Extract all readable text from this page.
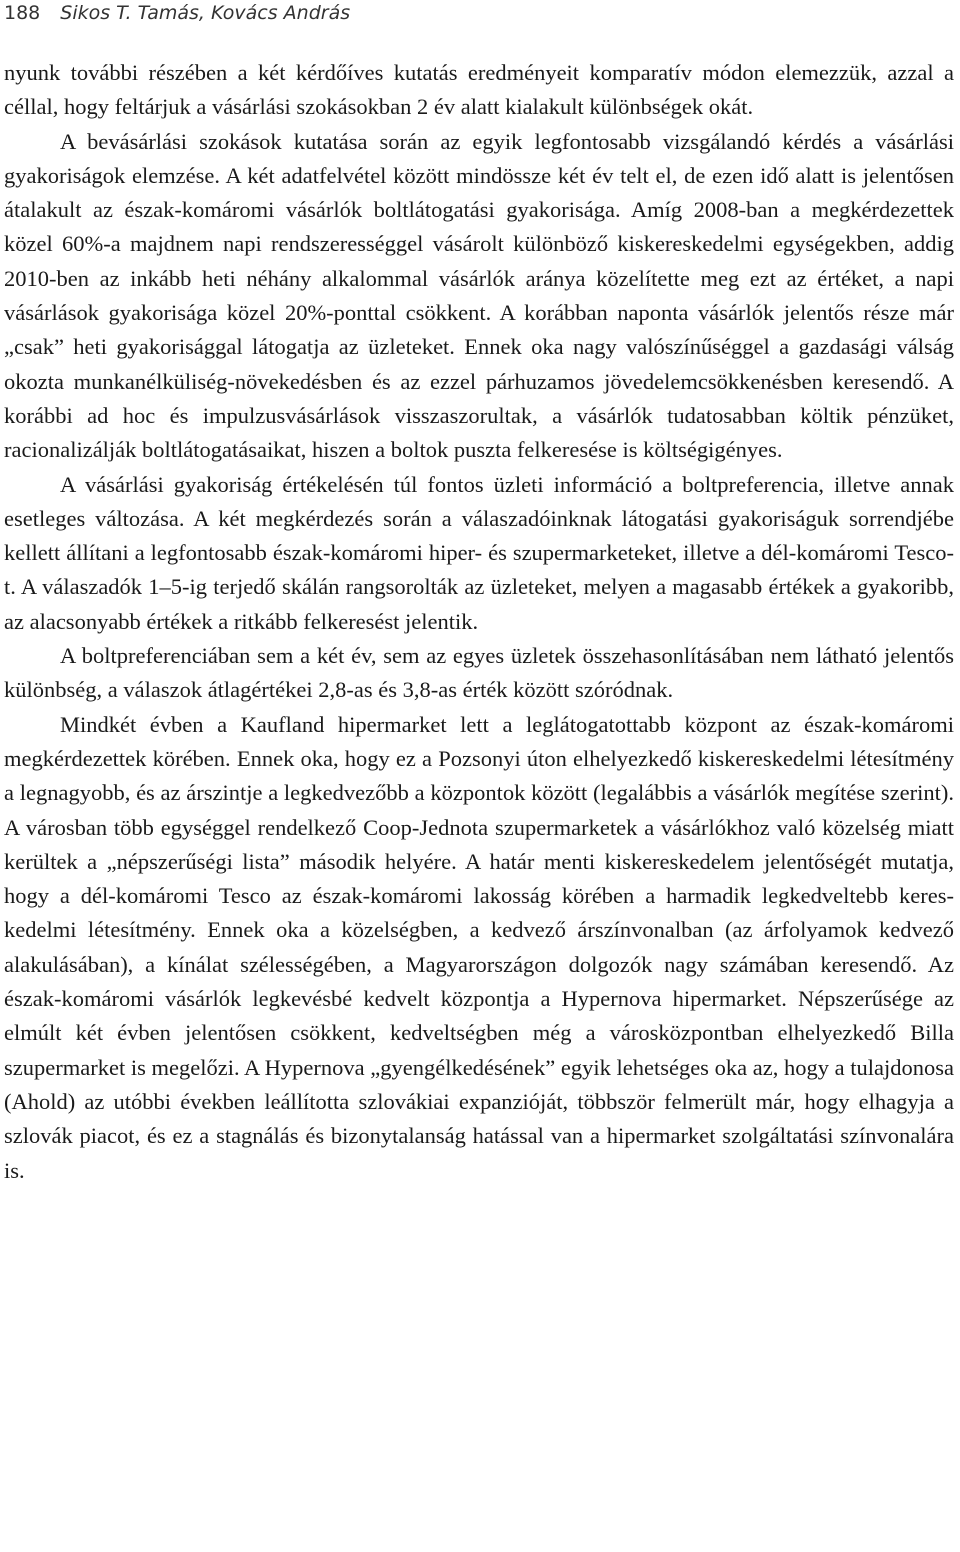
188 Sikos T. Tamás, Kovács András

nyunk további részében a két kérdőíves kutatás eredményeit komparatív módon elemezzük, azzal a céllal, hogy feltárjuk a vásárlási szokásokban 2 év alatt kialakult különbségek okát.

A bevásárlási szokások kutatása során az egyik legfontosabb vizsgálandó kérdés a vásárlási gyakoriságok elemzése. A két adatfelvétel között mindössze két év telt el, de ezen idő alatt is jelentősen átalakult az észak-komáromi vásárlók boltlátogatási gyakorisága. Amíg 2008-ban a megkérdezettek közel 60%-a majdnem napi rendszerességgel vásárolt különböző kiskereskedelmi egységekben, addig 2010-ben az inkább heti néhány alkalommal vásárlók aránya közelítette meg ezt az értéket, a napi vásárlások gyakorisága közel 20%-ponttal csökkent. A korábban naponta vásárlók jelentős része már „csak” heti gyakorisággal látogatja az üzleteket. Ennek oka nagy valószínűséggel a gazdasági válság okozta munkanélküliség-növekedésben és az ezzel párhuzamos jövedelemcsökkenésben keresendő. A korábbi ad hoc és impulzusvásárlások visszaszorultak, a vásárlók tudatosabban költik pénzüket, racionalizálják boltlátogatásaikat, hiszen a boltok puszta felkeresése is költségigényes.

A vásárlási gyakoriság értékelésén túl fontos üzleti információ a boltpreferencia, illetve annak esetleges változása. A két megkérdezés során a válaszadóinknak látogatási gyakoriságuk sorrendjébe kellett állítani a legfontosabb észak-komáromi hiper- és szupermarketeket, illetve a dél-komáromi Tesco-t. A válaszadók 1–5-ig terjedő skálán rangsorolták az üzleteket, melyen a magasabb értékek a gyakoribb, az alacsonyabb értékek a ritkább felkeresést jelentik.

A boltpreferenciában sem a két év, sem az egyes üzletek összehasonlításában nem látható jelentős különbség, a válaszok átlagértékei 2,8-as és 3,8-as érték között szóródnak.

Mindkét évben a Kaufland hipermarket lett a leglátogatottabb központ az észak-komáromi megkérdezettek körében. Ennek oka, hogy ez a Pozsonyi úton elhelyezkedő kiskereskedelmi létesítmény a legnagyobb, és az árszintje a legkedvezőbb a központok között (legalábbis a vásárlók megítése szerint). A városban több egységgel rendelkező Coop-Jednota szupermarketek a vásárlókhoz való közelség miatt kerültek a „népszerűségi lista” második helyére. A határ menti kiskereskedelem jelentőségét mutatja, hogy a dél-komáromi Tesco az észak-komáromi lakosság körében a harmadik legkedveltebb kereskedelmi létesítmény. Ennek oka a közelségben, a kedvező árszínvonalban (az árfolyamok kedvező alakulásában), a kínálat szélességében, a Magyarországon dolgozók nagy számában keresendő. Az észak-komáromi vásárlók legkevésbé kedvelt központja a Hypernova hipermarket. Népszerűsége az elmúlt két évben jelentősen csökkent, kedveltségben még a városközpontban elhelyezkedő Billa szupermarket is megelőzi. A Hypernova „gyengélkedésének” egyik lehetséges oka az, hogy a tulajdonosa (Ahold) az utóbbi években leállította szlovákiai expanzióját, többször felmerült már, hogy elhagyja a szlovák piacot, és ez a stagnálás és bizonytalanság hatással van a hipermarket szolgáltatási színvonalára is.
